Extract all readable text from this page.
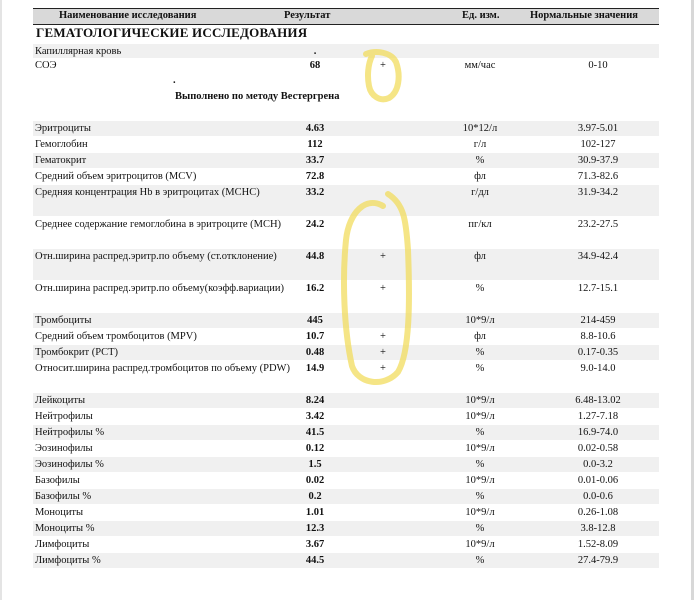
Наименование исследования	Результат	Ед. изм.	Нормальные значения
ГЕМАТОЛОГИЧЕСКИЕ ИССЛЕДОВАНИЯ
.
Выполнено по методу Вестергрена
Капиллярная кровь	.
СОЭ	68	+	мм/час	0-10
Эритроциты	4.63	10*12/л	3.97-5.01
Гемоглобин	112	г/л	102-127
Гематокрит	33.7	%	30.9-37.9
Средний объем эритроцитов (MCV)	72.8	фл	71.3-82.6
Средняя концентрация Hb в эритроцитах (МСНС)	33.2	г/дл	31.9-34.2
Среднее содержание гемоглобина в эритроците (МСН)	24.2	пг/кл	23.2-27.5
Отн.ширина распред.эритр.по объему (ст.отклонение)	44.8	+	фл	34.9-42.4
Отн.ширина распред.эритр.по объему(коэфф.вариации)	16.2	+	%	12.7-15.1
Тромбоциты	445	10*9/л	214-459
Средний объем тромбоцитов (MPV)	10.7	+	фл	8.8-10.6
Тромбокрит (PCT)	0.48	+	%	0.17-0.35
Относит.ширина распред.тромбоцитов по объему (PDW)	14.9	+	%	9.0-14.0
Лейкоциты	8.24	10*9/л	6.48-13.02
Нейтрофилы	3.42	10*9/л	1.27-7.18
Нейтрофилы %	41.5	%	16.9-74.0
Эозинофилы	0.12	10*9/л	0.02-0.58
Эозинофилы %	1.5	%	0.0-3.2
Базофилы	0.02	10*9/л	0.01-0.06
Базофилы %	0.2	%	0.0-0.6
Моноциты	1.01	10*9/л	0.26-1.08
Моноциты %	12.3	%	3.8-12.8
Лимфоциты	3.67	10*9/л	1.52-8.09
Лимфоциты %	44.5	%	27.4-79.9
